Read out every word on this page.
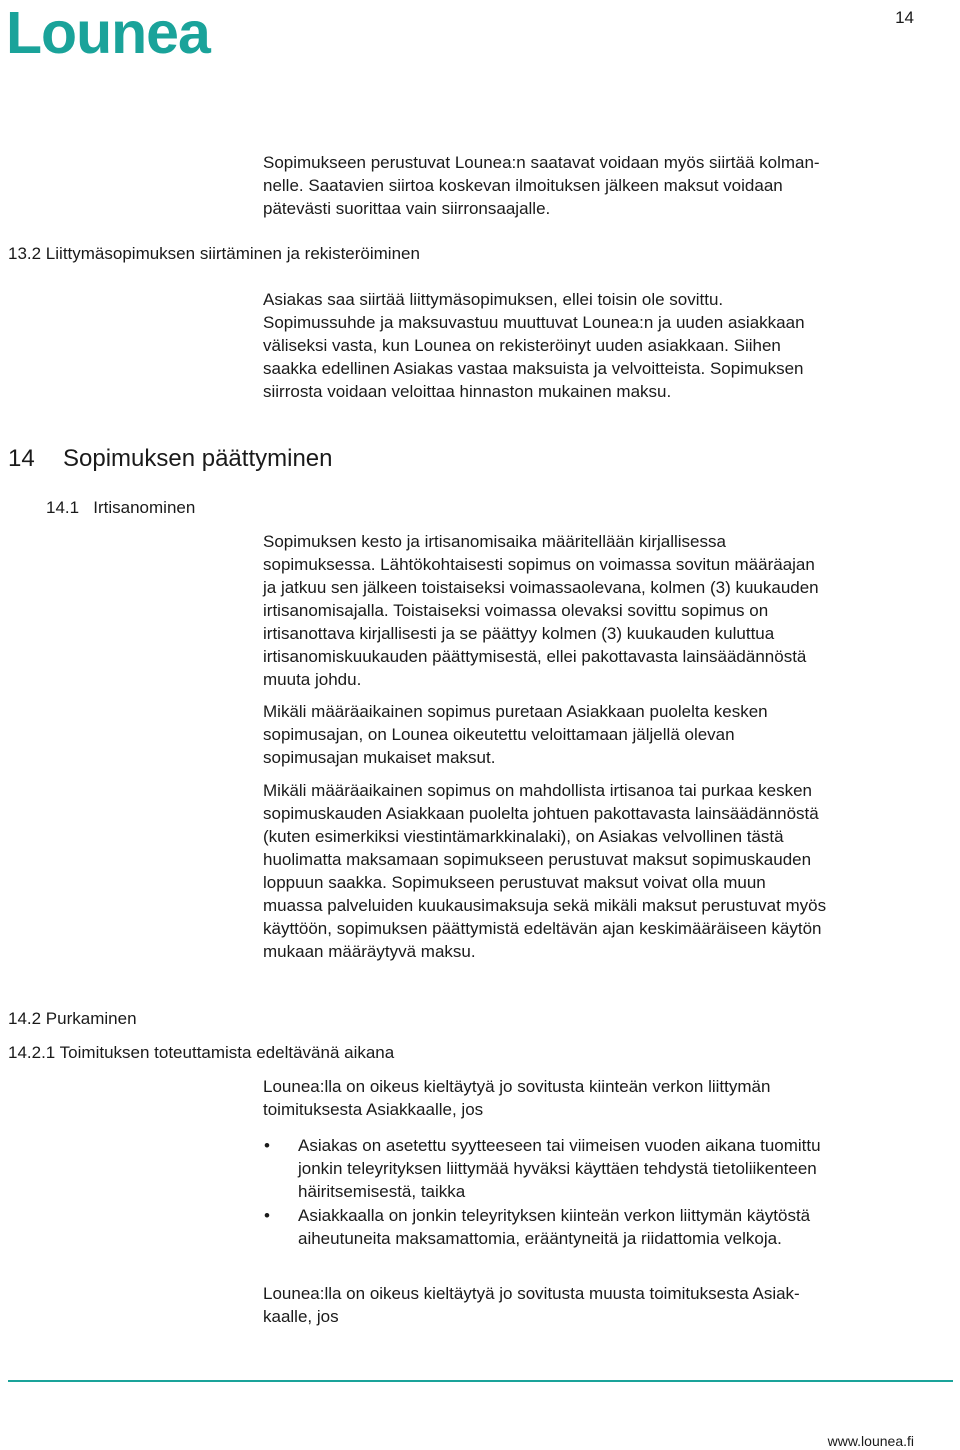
Lounea	14

Sopimukseen perustuvat Lounea:n saatavat voidaan myös siirtää kolman-

nelle. Saatavien siirtoa koskevan ilmoituksen jälkeen maksut voidaan

pätevästi suorittaa vain siirronsaajalle.

13.2 Liittymäsopimuksen siirtäminen ja rekisteröiminen

Asiakas saa siirtää liittymäsopimuksen, ellei toisin ole sovittu.

Sopimussuhde ja maksuvastuu muuttuvat Lounea:n ja uuden asiakkaan

väliseksi vasta, kun Lounea on rekisteröinyt uuden asiakkaan. Siihen

saakka edellinen Asiakas vastaa maksuista ja velvoitteista. Sopimuksen

siirrosta voidaan veloittaa hinnaston mukainen maksu.

14 Sopimuksen päättyminen
14.1   Irtisanominen

Sopimuksen kesto ja irtisanomisaika määritellään kirjallisessa

sopimuksessa. Lähtökohtaisesti sopimus on voimassa sovitun määräajan

ja jatkuu sen jälkeen toistaiseksi voimassaolevana, kolmen (3) kuukauden

irtisanomisajalla. Toistaiseksi voimassa olevaksi sovittu sopimus on

irtisanottava kirjallisesti ja se päättyy kolmen (3) kuukauden kuluttua

irtisanomiskuukauden päättymisestä, ellei pakottavasta lainsäädännöstä

muuta johdu.

Mikäli määräaikainen sopimus puretaan Asiakkaan puolelta kesken

sopimusajan, on Lounea oikeutettu veloittamaan jäljellä olevan

sopimusajan mukaiset maksut.

Mikäli määräaikainen sopimus on mahdollista irtisanoa tai purkaa kesken

sopimuskauden Asiakkaan puolelta johtuen pakottavasta lainsäädännöstä

(kuten esimerkiksi viestintämarkkinalaki), on Asiakas velvollinen tästä

huolimatta maksamaan sopimukseen perustuvat maksut sopimuskauden

loppuun saakka. Sopimukseen perustuvat maksut voivat olla muun

muassa palveluiden kuukausimaksuja sekä mikäli maksut perustuvat myös

käyttöön, sopimuksen päättymistä edeltävän ajan keskimääräiseen käytön

mukaan määräytyvä maksu.

14.2 Purkaminen
14.2.1 Toimituksen toteuttamista edeltävänä aikana

Lounea:lla on oikeus kieltäytyä jo sovitusta kiinteän verkon liittymän

toimituksesta Asiakkaalle, jos

• Asiakas on asetettu syytteeseen tai viimeisen vuoden aikana tuomittu
jonkin teleyrityksen liittymää hyväksi käyttäen tehdystä tietoliikenteen
häiritsemisestä, taikka
• Asiakkaalla on jonkin teleyrityksen kiinteän verkon liittymän käytöstä
aiheutuneita maksamattomia, erääntyneitä ja riidattomia velkoja.

Lounea:lla on oikeus kieltäytyä jo sovitusta muusta toimituksesta Asiak-

kaalle, jos

www.lounea.fi
